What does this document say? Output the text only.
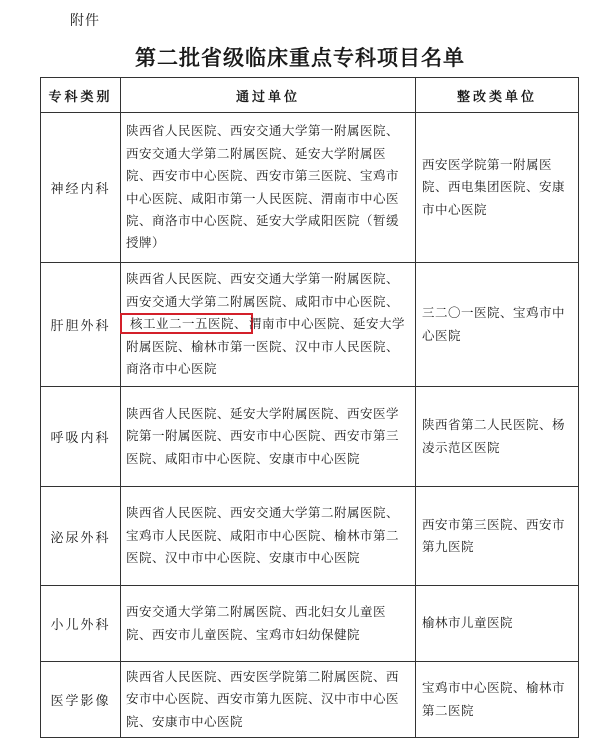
附件
第二批省级临床重点专科项目名单
专科类别	通过单位	整改类单位
神经内科	陕西省人民医院、西安交通大学第一附属医院、西安交通大学第二附属医院、延安大学附属医院、西安市中心医院、西安市第三医院、宝鸡市中心医院、咸阳市第一人民医院、渭南市中心医院、商洛市中心医院、延安大学咸阳医院（暂缓授牌）	西安医学院第一附属医院、西电集团医院、安康市中心医院
肝胆外科	陕西省人民医院、西安交通大学第一附属医院、西安交通大学第二附属医院、咸阳市中心医院、核工业二一五医院、 渭南市中心医院、延安大学附属医院、榆林市第一医院、汉中市人民医院、商洛市中心医院	三二〇一医院、宝鸡市中心医院
呼吸内科	陕西省人民医院、延安大学附属医院、西安医学院第一附属医院、西安市中心医院、西安市第三医院、咸阳市中心医院、安康市中心医院	陕西省第二人民医院、杨凌示范区医院
泌尿外科	陕西省人民医院、西安交通大学第二附属医院、宝鸡市人民医院、咸阳市中心医院、榆林市第二医院、汉中市中心医院、安康市中心医院	西安市第三医院、西安市第九医院
小儿外科	西安交通大学第二附属医院、西北妇女儿童医院、西安市儿童医院、宝鸡市妇幼保健院	榆林市儿童医院
医学影像	陕西省人民医院、西安医学院第二附属医院、西安市中心医院、西安市第九医院、汉中市中心医院、安康市中心医院	宝鸡市中心医院、榆林市第二医院
